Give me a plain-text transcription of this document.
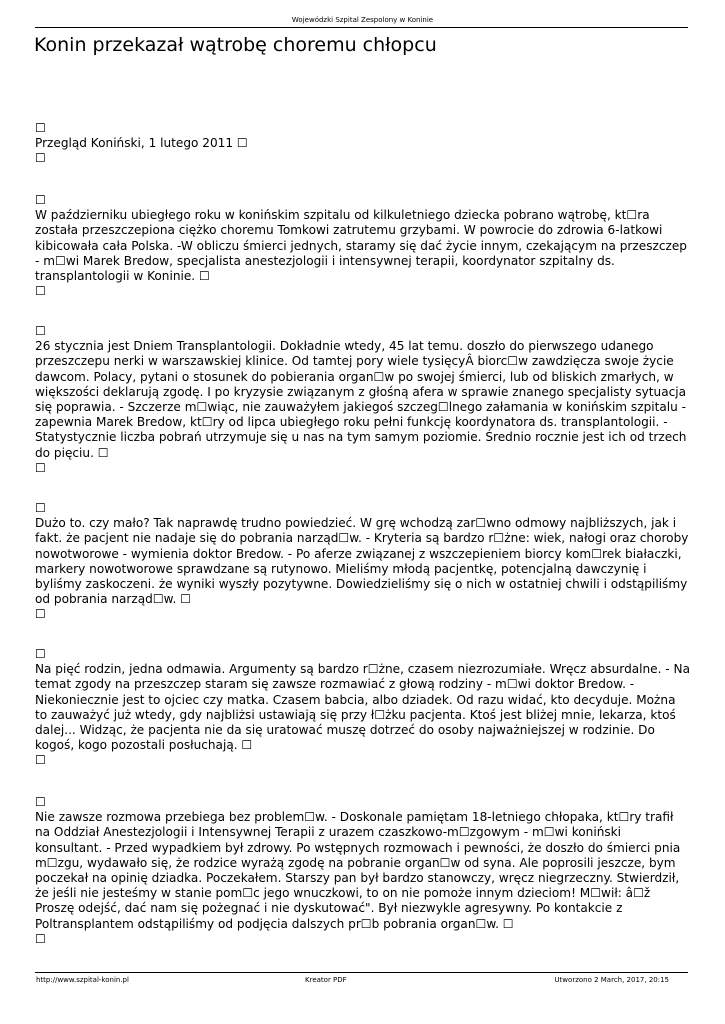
Wojewódzki Szpital Zespolony w Koninie
Konin przekazał wątrobę choremu chłopcu
☐
Przegląd Koniński, 1 lutego 2011 ☐
☐
☐
W październiku ubiegłego roku w konińskim szpitalu od kilkuletniego dziecka pobrano wątrobę, kt☐ra została przeszczepiona ciężko choremu Tomkowi zatrutemu grzybami. W powrocie do zdrowia 6-latkowi kibicowała cała Polska. -W obliczu śmierci jednych, staramy się dać życie innym, czekającym na przeszczep - m☐wi Marek Bredow, specjalista anestezjologii i intensywnej terapii, koordynator szpitalny ds. transplantologii w Koninie. ☐
☐
☐
26 stycznia jest Dniem Transplantologii. Dokładnie wtedy, 45 lat temu. doszło do pierwszego udanego przeszczepu nerki w warszawskiej klinice. Od tamtej pory wiele tysięcyÂ biorc☐w zawdzięcza swoje życie dawcom. Polacy, pytani o stosunek do pobierania organ☐w po swojej śmierci, lub od bliskich zmarłych, w większości deklarują zgodę. I po kryzysie związanym z głośną afera w sprawie znanego specjalisty sytuacja się poprawia. - Szczerze m☐wiąc, nie zauważyłem jakiegoś szczeg☐lnego załamania w konińskim szpitalu - zapewnia Marek Bredow, kt☐ry od lipca ubiegłego roku pełni funkcję koordynatora ds. transplantologii. - Statystycznie liczba pobrań utrzymuje się u nas na tym samym poziomie. Średnio rocznie jest ich od trzech do pięciu. ☐
☐
☐
Dużo to. czy mało? Tak naprawdę trudno powiedzieć. W grę wchodzą zar☐wno odmowy najbliższych, jak i fakt. że pacjent nie nadaje się do pobrania narząd☐w. - Kryteria są bardzo r☐żne: wiek, nałogi oraz choroby nowotworowe - wymienia doktor Bredow. - Po aferze związanej z wszczepieniem biorcy kom☐rek białaczki, markery nowotworowe sprawdzane są rutynowo. Mieliśmy młodą pacjentkę, potencjalną dawczynię i byliśmy zaskoczeni. że wyniki wyszły pozytywne. Dowiedzieliśmy się o nich w ostatniej chwili i odstąpiliśmy od pobrania narząd☐w. ☐
☐
☐
Na pięć rodzin, jedna odmawia. Argumenty są bardzo r☐żne, czasem niezrozumiałe. Wręcz absurdalne. - Na temat zgody na przeszczep staram się zawsze rozmawiać z głową rodziny - m☐wi doktor Bredow. - Niekoniecznie jest to ojciec czy matka. Czasem babcia, albo dziadek. Od razu widać, kto decyduje. Można to zauważyć już wtedy, gdy najbliżsi ustawiają się przy ł☐żku pacjenta. Ktoś jest bliżej mnie, lekarza, ktoś dalej... Widząc, że pacjenta nie da się uratować muszę dotrzeć do osoby najważniejszej w rodzinie. Do kogoś, kogo pozostali posłuchają. ☐
☐
☐
Nie zawsze rozmowa przebiega bez problem☐w. - Doskonale pamiętam 18-letniego chłopaka, kt☐ry trafił na Oddział Anestezjologii i Intensywnej Terapii z urazem czaszkowo-m☐zgowym - m☐wi koniński konsultant. - Przed wypadkiem był zdrowy. Po wstępnych rozmowach i pewności, że doszło do śmierci pnia m☐zgu, wydawało się, że rodzice wyrażą zgodę na pobranie organ☐w od syna. Ale poprosili jeszcze, bym poczekał na opinię dziadka. Poczekałem. Starszy pan był bardzo stanowczy, wręcz niegrzeczny. Stwierdził, że jeśli nie jesteśmy w stanie pom☐c jego wnuczkowi, to on nie pomoże innym dzieciom! M☐wił: â☐ž Proszę odejść, dać nam się pożegnać i nie dyskutować". Był niezwykle agresywny. Po kontakcie z Poltransplantem odstąpiliśmy od podjęcia dalszych pr☐b pobrania organ☐w. ☐
☐
http://www.szpital-konin.pl	Kreator PDF	Utworzono 2 March, 2017, 20:15
